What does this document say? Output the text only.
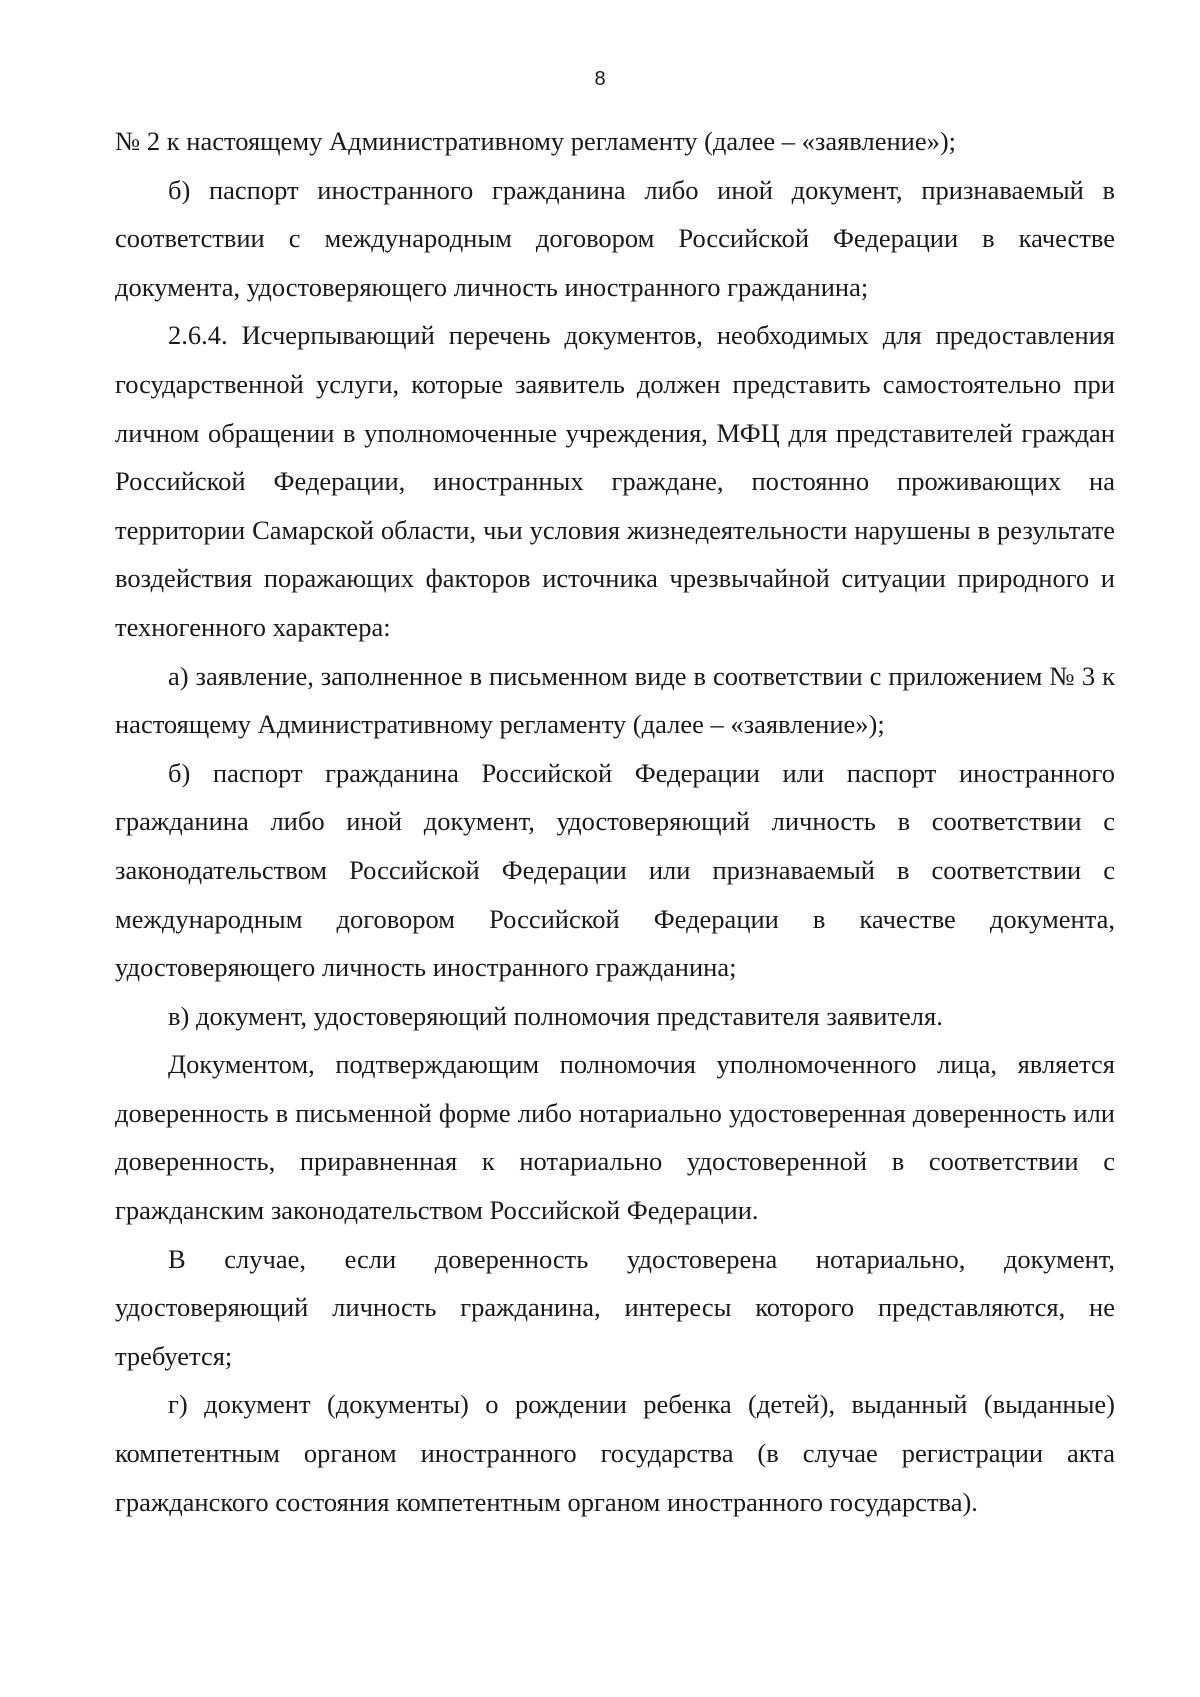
8

№ 2 к настоящему Административному регламенту (далее – «заявление»);

б) паспорт иностранного гражданина либо иной документ, признаваемый в соответствии с международным договором Российской Федерации в качестве документа, удостоверяющего личность иностранного гражданина;

2.6.4. Исчерпывающий перечень документов, необходимых для предоставления государственной услуги, которые заявитель должен представить самостоятельно при личном обращении в уполномоченные учреждения, МФЦ для представителей граждан Российской Федерации, иностранных граждане, постоянно проживающих на территории Самарской области, чьи условия жизнедеятельности нарушены в результате воздействия поражающих факторов источника чрезвычайной ситуации природного и техногенного характера:

а) заявление, заполненное в письменном виде в соответствии с приложением № 3 к настоящему Административному регламенту (далее – «заявление»);

б) паспорт гражданина Российской Федерации или паспорт иностранного гражданина либо иной документ, удостоверяющий личность в соответствии с законодательством Российской Федерации или признаваемый в соответствии с международным договором Российской Федерации в качестве документа, удостоверяющего личность иностранного гражданина;

в) документ, удостоверяющий полномочия представителя заявителя.

Документом, подтверждающим полномочия уполномоченного лица, является доверенность в письменной форме либо нотариально удостоверенная доверенность или доверенность, приравненная к нотариально удостоверенной в соответствии с гражданским законодательством Российской Федерации.

В случае, если доверенность удостоверена нотариально, документ, удостоверяющий личность гражданина, интересы которого представляются, не требуется;

г) документ (документы) о рождении ребенка (детей), выданный (выданные) компетентным органом иностранного государства (в случае регистрации акта гражданского состояния компетентным органом иностранного государства).
